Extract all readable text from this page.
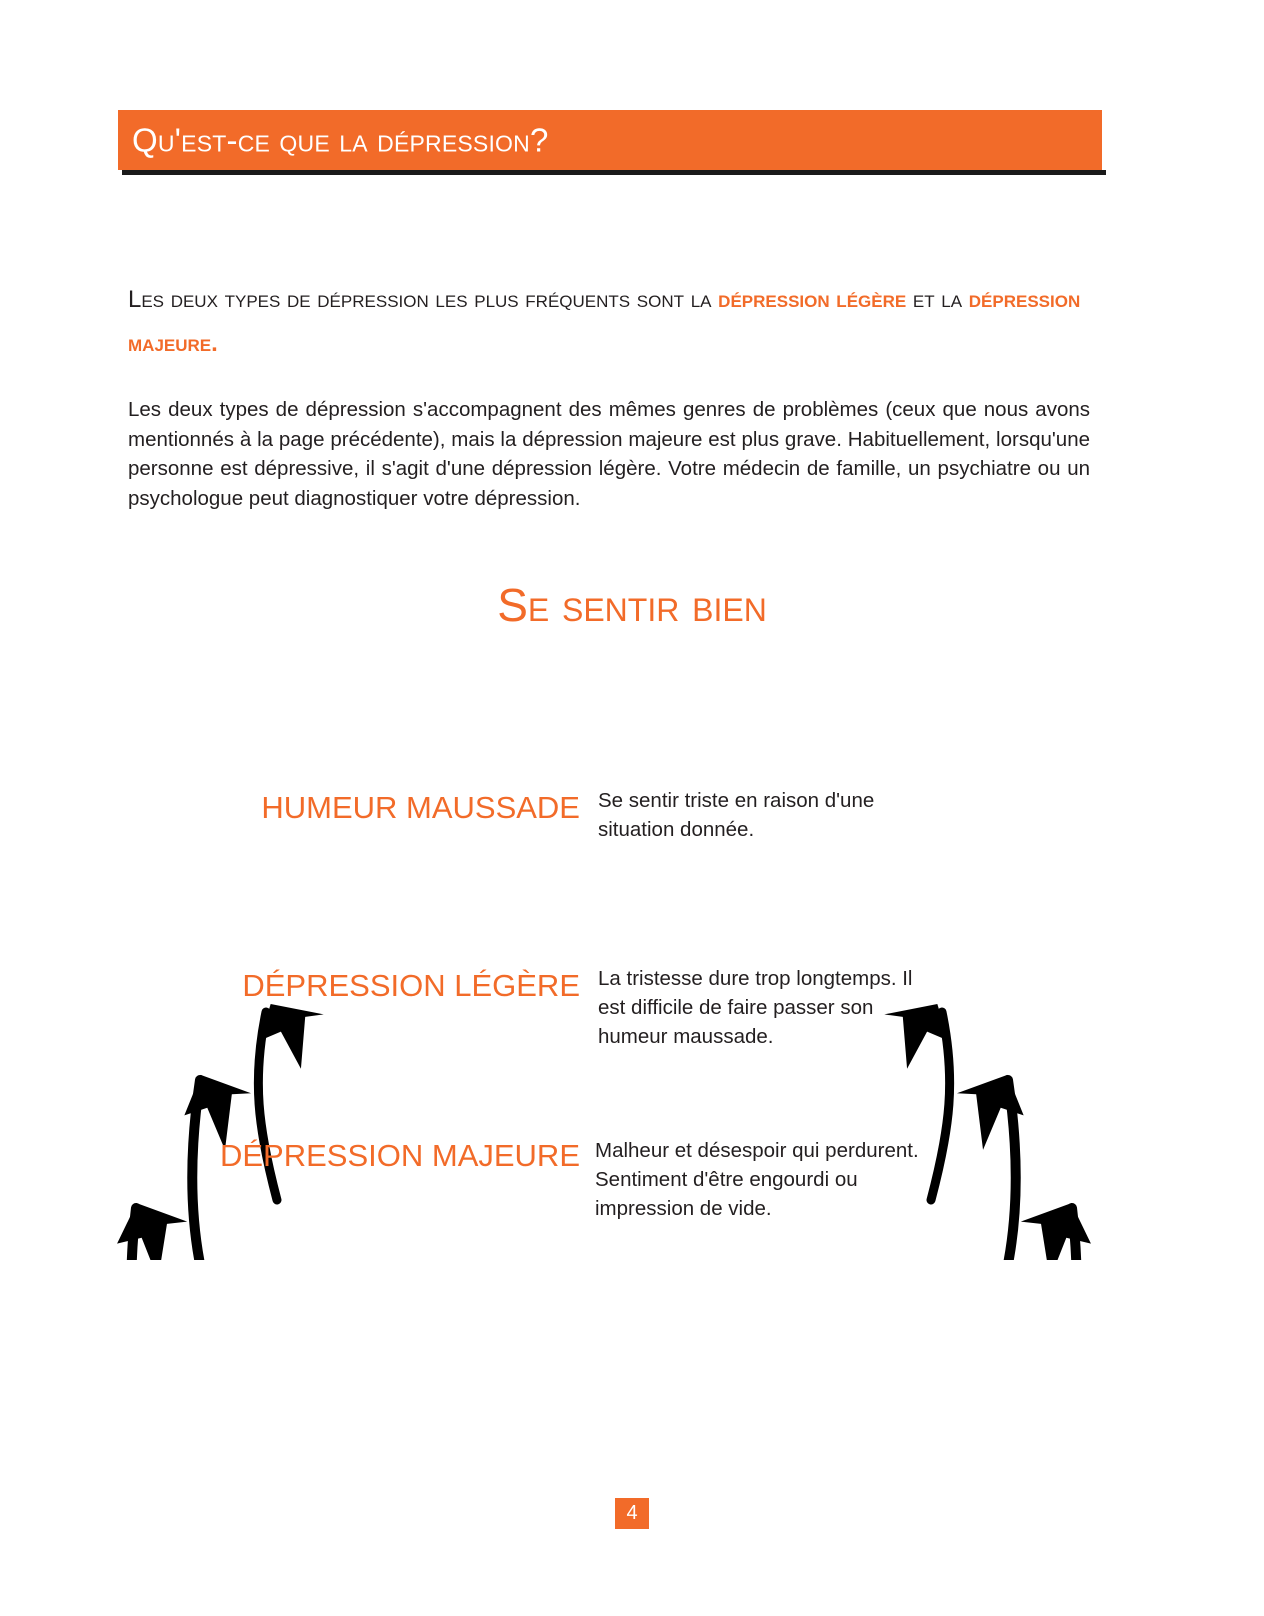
Qu'est-ce que la dépression?
Les deux types de dépression les plus fréquents sont la dépression légère et la dépression majeure.
Les deux types de dépression s'accompagnent des mêmes genres de problèmes (ceux que nous avons mentionnés à la page précédente), mais la dépression majeure est plus grave. Habituellement, lorsqu'une personne est dépressive, il s'agit d'une dépression légère. Votre médecin de famille, un psychiatre ou un psychologue peut diagnostiquer votre dépression.
Se sentir bien
HUMEUR MAUSSADE Se sentir triste en raison d'une situation donnée.
DÉPRESSION LÉGÈRE La tristesse dure trop longtemps. Il est difficile de faire passer son humeur maussade.
DÉPRESSION MAJEURE Malheur et désespoir qui perdurent. Sentiment d'être engourdi ou impression de vide.
4
